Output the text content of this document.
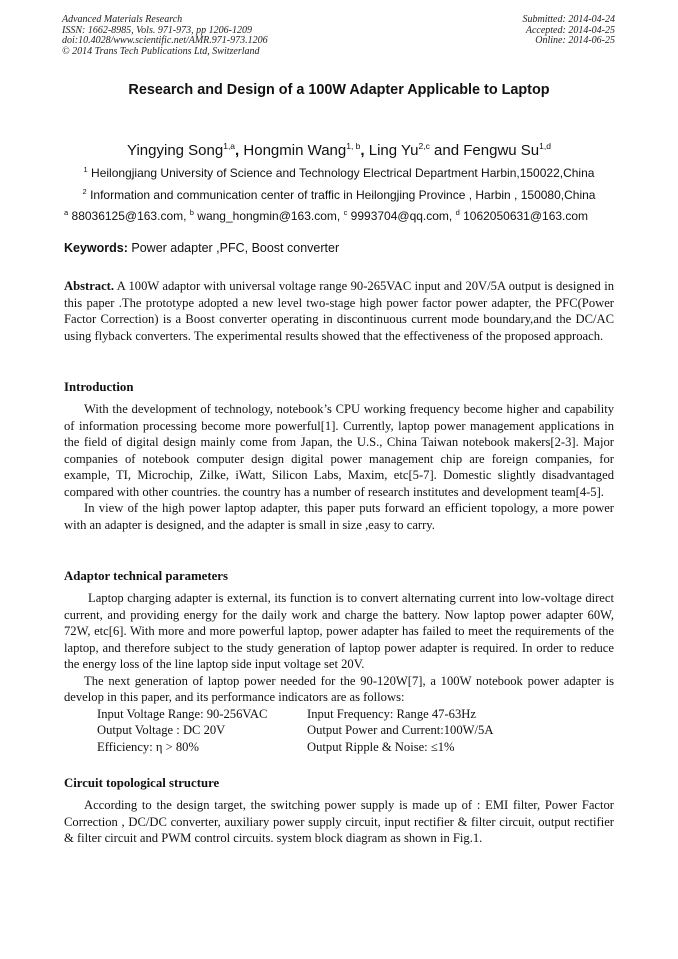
Advanced Materials Research
ISSN: 1662-8985, Vols. 971-973, pp 1206-1209
doi:10.4028/www.scientific.net/AMR.971-973.1206
© 2014 Trans Tech Publications Ltd, Switzerland
Submitted: 2014-04-24
Accepted: 2014-04-25
Online: 2014-06-25
Research and Design of a 100W Adapter Applicable to Laptop
Yingying Song$^{1,a}$, Hongmin Wang$^{1, b}$, Ling Yu$^{2,c}$ and Fengwu Su$^{1,d}$
$^1$ Heilongjiang University of Science and Technology Electrical Department Harbin,150022,China
$^2$ Information and communication center of traffic in Heilongjing Province , Harbin , 150080,China
$^a$ 88036125@163.com, $^b$ wang_hongmin@163.com, $^c$ 9993704@qq.com, $^d$ 1062050631@163.com
Keywords: Power adapter ,PFC, Boost converter

Abstract. A 100W adaptor with universal voltage range 90-265VAC input and 20V/5A output is designed in this paper .The prototype adopted a new level two-stage high power factor power adapter, the PFC(Power Factor Correction) is a Boost converter operating in discontinuous current mode boundary,and the DC/AC using flyback converters. The experimental results showed that the effectiveness of the proposed approach.

Introduction

With the development of technology, notebook’s CPU working frequency become higher and capability of information processing become more powerful[1]. Currently, laptop power management applications in the field of digital design mainly come from Japan, the U.S., China Taiwan notebook makers[2-3]. Major companies of notebook computer design digital power management chip are foreign companies, for example, TI, Microchip, Zilke, iWatt, Silicon Labs, Maxim, etc[5-7]. Domestic slightly disadvantaged compared with other countries. the country has a number of research institutes and development team[4-5].

In view of the high power laptop adapter, this paper puts forward an efficient topology, a more power with an adapter is designed, and the adapter is small in size ,easy to carry.

Adaptor technical parameters

Laptop charging adapter is external, its function is to convert alternating current into low-voltage direct current, and providing energy for the daily work and charge the battery. Now laptop power adapter 60W, 72W, etc[6]. With more and more powerful laptop, power adapter has failed to meet the requirements of the laptop, and therefore subject to the study generation of laptop power adapter is required. In order to reduce the energy loss of the line laptop side input voltage set 20V.

The next generation of laptop power needed for the 90-120W[7], a 100W notebook power adapter is develop in this paper, and its performance indicators are as follows:

Input Voltage Range: 90-256VAC	Input Frequency: Range 47-63Hz
Output Voltage : DC 20V	Output Power and Current:100W/5A
Efficiency: η > 80%	Output Ripple & Noise: ≤1%
Circuit topological structure

According to the design target, the switching power supply is made up of : EMI filter, Power Factor Correction , DC/DC converter, auxiliary power supply circuit, input rectifier & filter circuit, output rectifier & filter circuit and PWM control circuits. system block diagram as shown in Fig.1.
